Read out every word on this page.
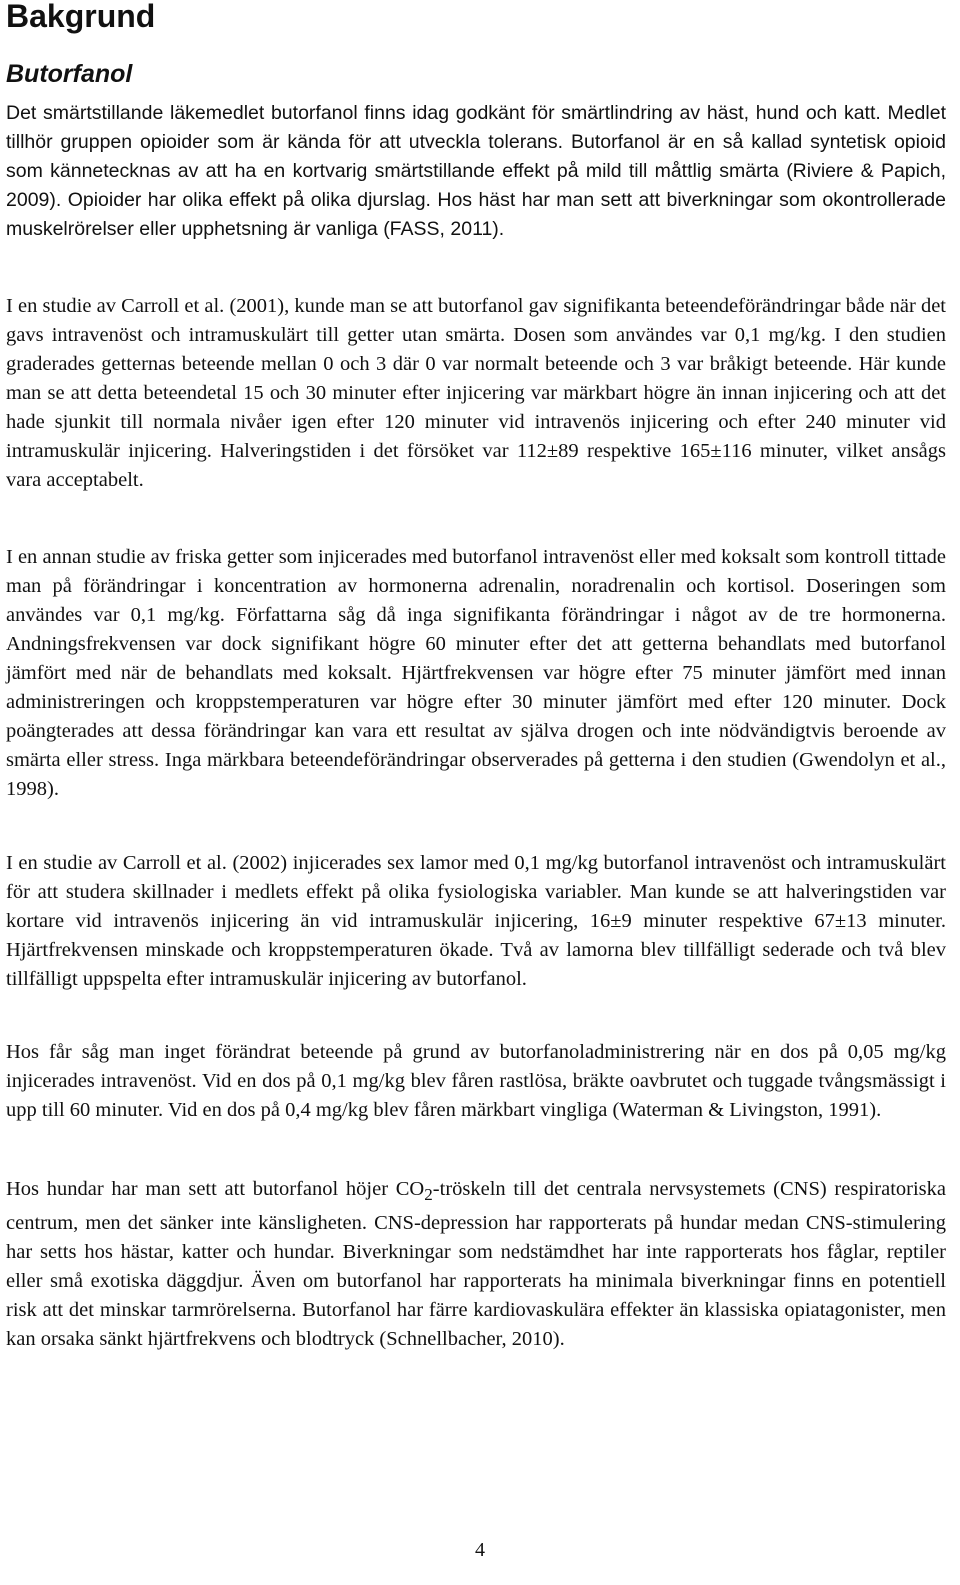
Bakgrund
Butorfanol

Det smärtstillande läkemedlet butorfanol finns idag godkänt för smärtlindring av häst, hund och katt. Medlet tillhör gruppen opioider som är kända för att utveckla tolerans. Butorfanol är en så kallad syntetisk opioid som kännetecknas av att ha en kortvarig smärtstillande effekt på mild till måttlig smärta (Riviere & Papich, 2009). Opioider har olika effekt på olika djurslag. Hos häst har man sett att biverkningar som okontrollerade muskelrörelser eller upphetsning är vanliga (FASS, 2011).

I en studie av Carroll et al. (2001), kunde man se att butorfanol gav signifikanta beteendeförändringar både när det gavs intravenöst och intramuskulärt till getter utan smärta. Dosen som användes var 0,1 mg/kg. I den studien graderades getternas beteende mellan 0 och 3 där 0 var normalt beteende och 3 var bråkigt beteende. Här kunde man se att detta beteendetal 15 och 30 minuter efter injicering var märkbart högre än innan injicering och att det hade sjunkit till normala nivåer igen efter 120 minuter vid intravenös injicering och efter 240 minuter vid intramuskulär injicering. Halveringstiden i det försöket var 112±89 respektive 165±116 minuter, vilket ansågs vara acceptabelt.

I en annan studie av friska getter som injicerades med butorfanol intravenöst eller med koksalt som kontroll tittade man på förändringar i koncentration av hormonerna adrenalin, noradrenalin och kortisol. Doseringen som användes var 0,1 mg/kg. Författarna såg då inga signifikanta förändringar i något av de tre hormonerna. Andningsfrekvensen var dock signifikant högre 60 minuter efter det att getterna behandlats med butorfanol jämfört med när de behandlats med koksalt. Hjärtfrekvensen var högre efter 75 minuter jämfört med innan administreringen och kroppstemperaturen var högre efter 30 minuter jämfört med efter 120 minuter. Dock poängterades att dessa förändringar kan vara ett resultat av själva drogen och inte nödvändigtvis beroende av smärta eller stress. Inga märkbara beteendeförändringar observerades på getterna i den studien (Gwendolyn et al., 1998).

I en studie av Carroll et al. (2002) injicerades sex lamor med 0,1 mg/kg butorfanol intravenöst och intramuskulärt för att studera skillnader i medlets effekt på olika fysiologiska variabler. Man kunde se att halveringstiden var kortare vid intravenös injicering än vid intramuskulär injicering, 16±9 minuter respektive 67±13 minuter. Hjärtfrekvensen minskade och kroppstemperaturen ökade. Två av lamorna blev tillfälligt sederade och två blev tillfälligt uppspelta efter intramuskulär injicering av butorfanol.

Hos får såg man inget förändrat beteende på grund av butorfanoladministrering när en dos på 0,05 mg/kg injicerades intravenöst. Vid en dos på 0,1 mg/kg blev fåren rastlösa, bräkte oavbrutet och tuggade tvångsmässigt i upp till 60 minuter. Vid en dos på 0,4 mg/kg blev fåren märkbart vingliga (Waterman & Livingston, 1991).

Hos hundar har man sett att butorfanol höjer $CO_2$-tröskeln till det centrala nervsystemets (CNS) respiratoriska centrum, men det sänker inte känsligheten. CNS-depression har rapporterats på hundar medan CNS-stimulering har setts hos hästar, katter och hundar. Biverkningar som nedstämdhet har inte rapporterats hos fåglar, reptiler eller små exotiska däggdjur. Även om butorfanol har rapporterats ha minimala biverkningar finns en potentiell risk att det minskar tarmrörelserna. Butorfanol har färre kardiovaskulära effekter än klassiska opiatagonister, men kan orsaka sänkt hjärtfrekvens och blodtryck (Schnellbacher, 2010).

4
